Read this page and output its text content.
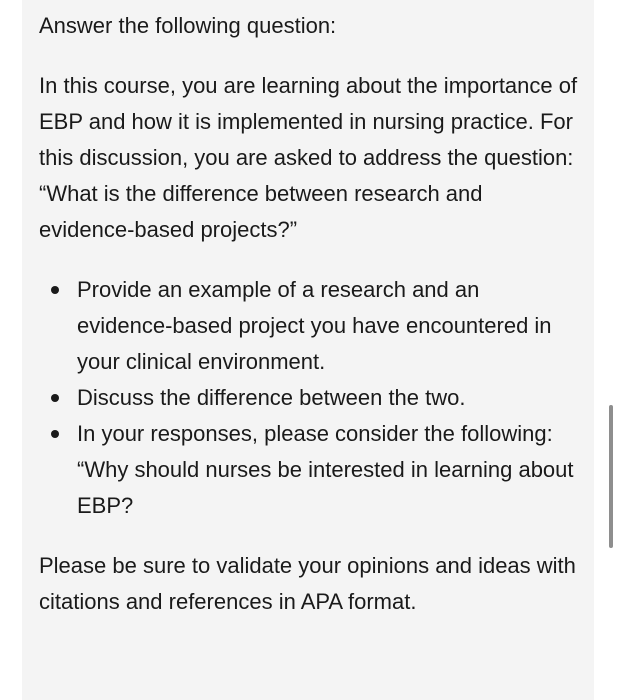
Answer the following question:

In this course, you are learning about the importance of EBP and how it is implemented in nursing practice. For this discussion, you are asked to address the question: “What is the difference between research and evidence-based projects?”

Provide an example of a research and an evidence-based project you have encountered in your clinical environment.
Discuss the difference between the two.
In your responses, please consider the following: “Why should nurses be interested in learning about EBP?

Please be sure to validate your opinions and ideas with citations and references in APA format.
